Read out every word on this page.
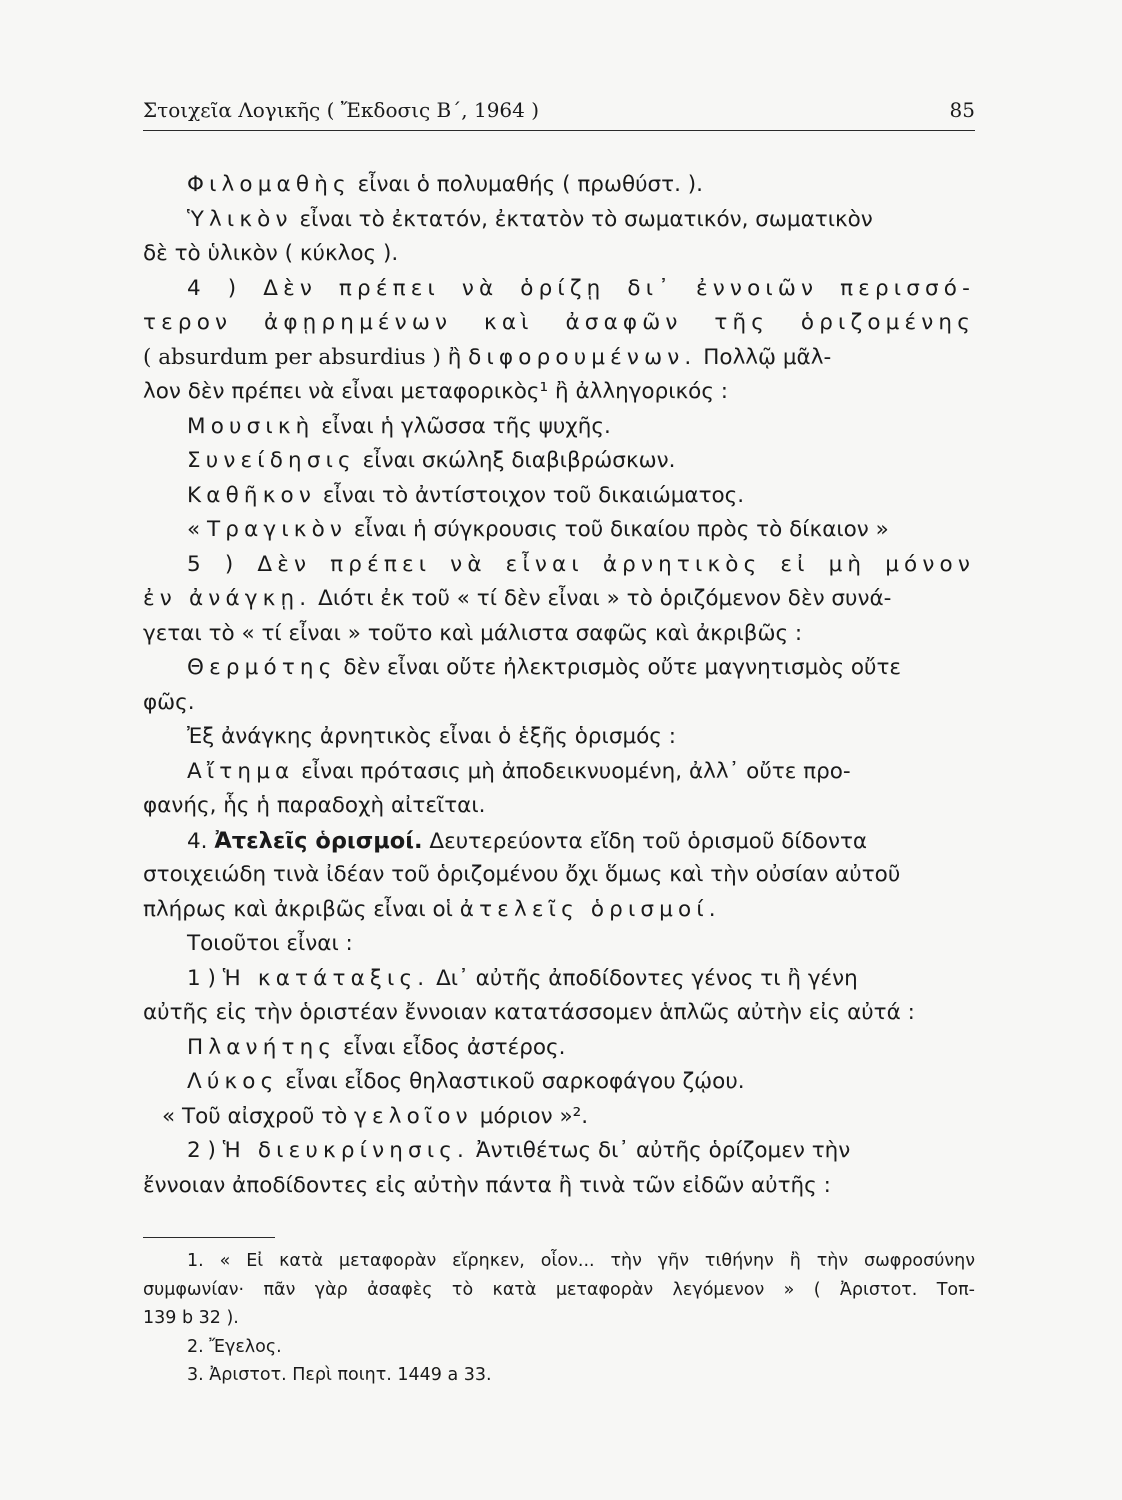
Στοιχεῖα Λογικῆς ( Ἔκδοσις Β΄, 1964 )	85
Φιλομαθὴς εἶναι ὁ πολυμαθής ( πρωθύστ. ).
Ὑλικὸν εἶναι τὸ ἐκτατόν, ἐκτατὸν τὸ σωματικόν, σωματικὸν
δὲ τὸ ὑλικὸν ( κύκλος ).
4 ) Δὲν πρέπει νὰ ὁρίζῃ δι᾽ ἐννοιῶν περισσό-
τερον ἀφῃρημένων καὶ ἀσαφῶν τῆς ὁριζομένης
( absurdum per absurdius ) ἢ διφορουμένων. Πολλῷ μᾶλ-
λον δὲν πρέπει νὰ εἶναι μεταφορικὸς¹ ἢ ἀλληγορικός :
Μουσικὴ εἶναι ἡ γλῶσσα τῆς ψυχῆς.
Συνείδησις εἶναι σκώληξ διαβιβρώσκων.
Καθῆκον εἶναι τὸ ἀντίστοιχον τοῦ δικαιώματος.
« Τραγικὸν εἶναι ἡ σύγκρουσις τοῦ δικαίου πρὸς τὸ δίκαιον »
5 ) Δὲν πρέπει νὰ εἶναι ἀρνητικὸς εἰ μὴ μόνον
ἐν ἀνάγκῃ. Διότι ἐκ τοῦ « τί δὲν εἶναι » τὸ ὁριζόμενον δὲν συνά-
γεται τὸ « τί εἶναι » τοῦτο καὶ μάλιστα σαφῶς καὶ ἀκριβῶς :
Θερμότης δὲν εἶναι οὔτε ἠλεκτρισμὸς οὔτε μαγνητισμὸς οὔτε
φῶς.
Ἐξ ἀνάγκης ἀρνητικὸς εἶναι ὁ ἑξῆς ὁρισμός :
Αἴτημα εἶναι πρότασις μὴ ἀποδεικνυομένη, ἀλλ᾽ οὔτε προ-
φανής, ἧς ἡ παραδοχὴ αἰτεῖται.
4. Ἀτελεῖς ὁρισμοί. Δευτερεύοντα εἴδη τοῦ ὁρισμοῦ δίδοντα
στοιχειώδη τινὰ ἰδέαν τοῦ ὁριζομένου ὄχι ὅμως καὶ τὴν οὐσίαν αὐτοῦ
πλήρως καὶ ἀκριβῶς εἶναι οἱ ἀτελεῖς ὁρισμοί.
Τοιοῦτοι εἶναι :
1 ) Ἡ κατάταξις. Δι᾽ αὐτῆς ἀποδίδοντες γένος τι ἢ γένη
αὐτῆς εἰς τὴν ὁριστέαν ἔννοιαν κατατάσσομεν ἁπλῶς αὐτὴν εἰς αὐτά :
Πλανήτης εἶναι εἶδος ἀστέρος.
Λύκος εἶναι εἶδος θηλαστικοῦ σαρκοφάγου ζῴου.
« Τοῦ αἰσχροῦ τὸ γελοῖον μόριον »².
2 ) Ἡ διευκρίνησις. Ἀντιθέτως δι᾽ αὐτῆς ὁρίζομεν τὴν
ἔννοιαν ἀποδίδοντες εἰς αὐτὴν πάντα ἢ τινὰ τῶν εἰδῶν αὐτῆς :
1. « Εἰ κατὰ μεταφορὰν εἴρηκεν, οἷον... τὴν γῆν τιθήνην ἢ τὴν σωφροσύνην
συμφωνίαν· πᾶν γὰρ ἀσαφὲς τὸ κατὰ μεταφορὰν λεγόμενον » ( Ἀριστοτ. Τοπ-
139 b 32 ).
2. Ἔγελος.
3. Ἀριστοτ. Περὶ ποιητ. 1449 a 33.
